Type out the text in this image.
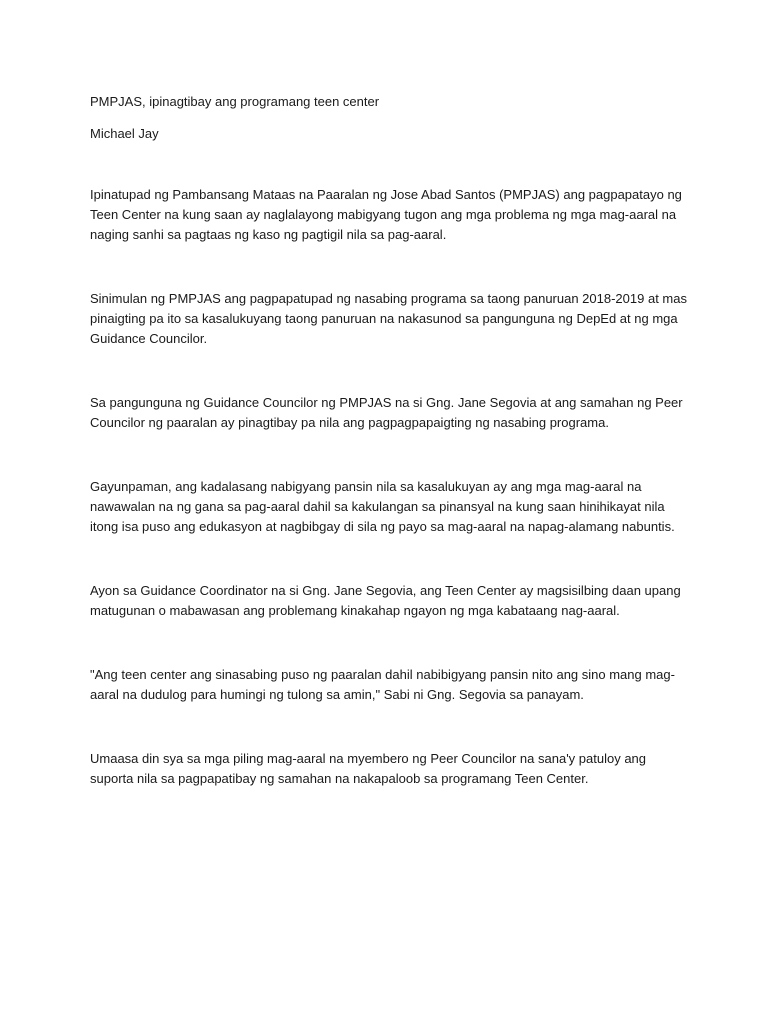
PMPJAS, ipinagtibay ang programang teen center

Michael Jay

Ipinatupad ng Pambansang Mataas na Paaralan ng Jose Abad Santos (PMPJAS) ang pagpapatayo ng Teen Center na kung saan ay naglalayong mabigyang tugon ang mga problema ng mga mag-aaral na naging sanhi sa pagtaas ng kaso ng pagtigil nila sa pag-aaral.

Sinimulan ng PMPJAS ang pagpapatupad ng nasabing programa sa taong panuruan 2018-2019 at mas pinaigting pa ito sa kasalukuyang taong panuruan na nakasunod sa pangunguna ng DepEd at ng mga Guidance Councilor.

Sa pangunguna ng Guidance Councilor ng PMPJAS na si Gng. Jane Segovia at ang samahan ng Peer Councilor ng paaralan ay pinagtibay pa nila ang pagpagpapaigting ng nasabing programa.

Gayunpaman, ang kadalasang nabigyang pansin nila sa kasalukuyan ay ang mga mag-aaral na nawawalan na ng gana sa pag-aaral dahil sa kakulangan sa pinansyal na kung saan hinihikayat nila itong isa puso ang edukasyon at nagbibgay di sila ng payo sa mag-aaral na napag-alamang nabuntis.

Ayon sa Guidance Coordinator na si Gng. Jane Segovia, ang Teen Center ay magsisilbing daan upang matugunan o mabawasan ang problemang kinakahap ngayon ng mga kabataang nag-aaral.

"Ang teen center ang sinasabing puso ng paaralan dahil nabibigyang pansin nito ang sino mang mag-aaral na dudulog para humingi ng tulong sa amin," Sabi ni Gng. Segovia sa panayam.

Umaasa din sya sa mga piling mag-aaral na myembero ng Peer Councilor na sana'y patuloy ang suporta nila sa pagpapatibay ng samahan na nakapaloob sa programang Teen Center.
